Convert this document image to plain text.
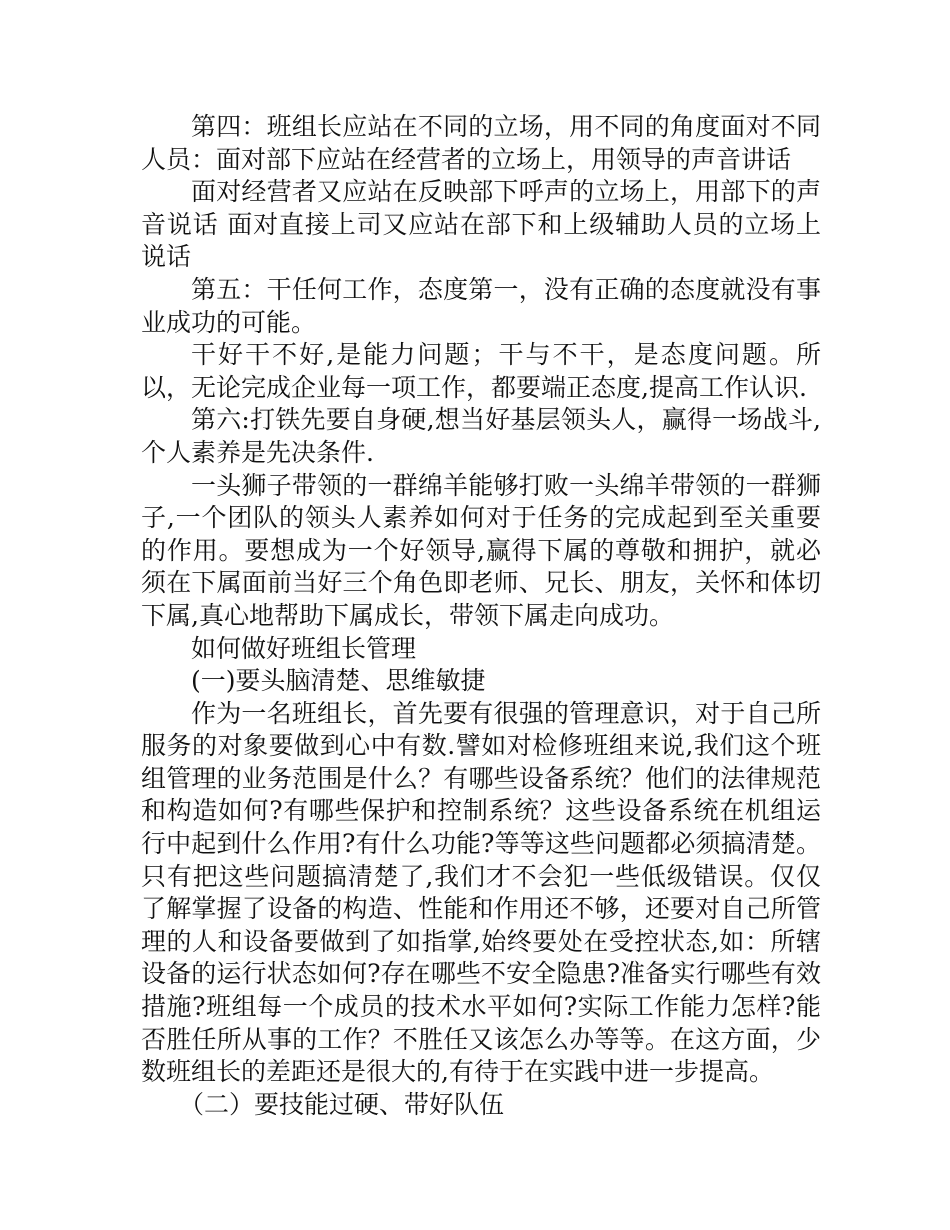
第四：班组长应站在不同的立场，用不同的角度面对不同人员：面对部下应站在经营者的立场上，用领导的声音讲话

面对经营者又应站在反映部下呼声的立场上，用部下的声音说话 面对直接上司又应站在部下和上级辅助人员的立场上说话

第五：干任何工作，态度第一，没有正确的态度就没有事业成功的可能。

干好干不好,是能力问题；干与不干，是态度问题。所以，无论完成企业每一项工作，都要端正态度,提高工作认识.

第六:打铁先要自身硬,想当好基层领头人，赢得一场战斗,个人素养是先决条件.

一头狮子带领的一群绵羊能够打败一头绵羊带领的一群狮子,一个团队的领头人素养如何对于任务的完成起到至关重要的作用。要想成为一个好领导,赢得下属的尊敬和拥护，就必须在下属面前当好三个角色即老师、兄长、朋友，关怀和体切下属,真心地帮助下属成长，带领下属走向成功。

如何做好班组长管理

(一)要头脑清楚、思维敏捷

作为一名班组长，首先要有很强的管理意识，对于自己所服务的对象要做到心中有数.譬如对检修班组来说,我们这个班组管理的业务范围是什么？有哪些设备系统？他们的法律规范和构造如何?有哪些保护和控制系统？这些设备系统在机组运行中起到什么作用?有什么功能?等等这些问题都必须搞清楚。只有把这些问题搞清楚了,我们才不会犯一些低级错误。仅仅了解掌握了设备的构造、性能和作用还不够，还要对自己所管理的人和设备要做到了如指掌,始终要处在受控状态,如：所辖设备的运行状态如何?存在哪些不安全隐患?准备实行哪些有效措施?班组每一个成员的技术水平如何?实际工作能力怎样?能否胜任所从事的工作？不胜任又该怎么办等等。在这方面，少数班组长的差距还是很大的,有待于在实践中进一步提高。

（二）要技能过硬、带好队伍
